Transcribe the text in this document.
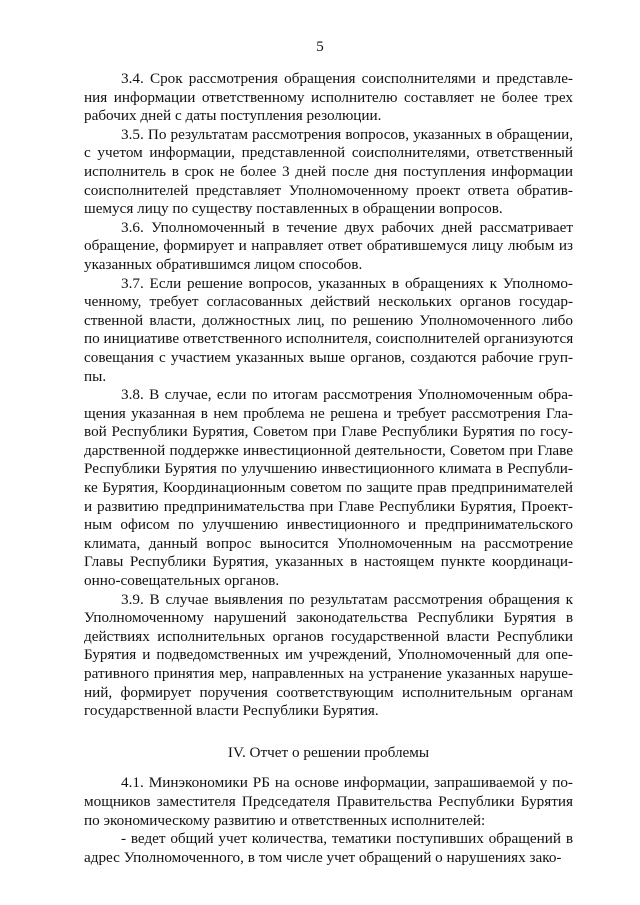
5
3.4. Срок рассмотрения обращения соисполнителями и представле-
ния информации ответственному исполнителю составляет не более трех
рабочих дней с даты поступления резолюции.
3.5. По результатам рассмотрения вопросов, указанных в обращении,
с учетом информации, представленной соисполнителями, ответственный
исполнитель в срок не более 3 дней после дня поступления информации
соисполнителей представляет Уполномоченному проект ответа обратив-
шемуся лицу по существу поставленных в обращении вопросов.
3.6. Уполномоченный в течение двух рабочих дней рассматривает
обращение, формирует и направляет ответ обратившемуся лицу любым из
указанных обратившимся лицом способов.
3.7. Если решение вопросов, указанных в обращениях к Уполномо-
ченному, требует согласованных действий нескольких органов государ-
ственной власти, должностных лиц, по решению Уполномоченного либо
по инициативе ответственного исполнителя, соисполнителей организуются
совещания с участием указанных выше органов, создаются рабочие груп-
пы.
3.8. В случае, если по итогам рассмотрения Уполномоченным обра-
щения указанная в нем проблема не решена и требует рассмотрения Гла-
вой Республики Бурятия, Советом при Главе Республики Бурятия по госу-
дарственной поддержке инвестиционной деятельности, Советом при Главе
Республики Бурятия по улучшению инвестиционного климата в Республи-
ке Бурятия, Координационным советом по защите прав предпринимателей
и развитию предпринимательства при Главе Республики Бурятия, Проект-
ным офисом по улучшению инвестиционного и предпринимательского
климата, данный вопрос выносится Уполномоченным на рассмотрение
Главы Республики Бурятия, указанных в настоящем пункте координаци-
онно-совещательных органов.
3.9. В случае выявления по результатам рассмотрения обращения к
Уполномоченному нарушений законодательства Республики Бурятия в
действиях исполнительных органов государственной власти Республики
Бурятия и подведомственных им учреждений, Уполномоченный для опе-
ративного принятия мер, направленных на устранение указанных наруше-
ний, формирует поручения соответствующим исполнительным органам
государственной власти Республики Бурятия.
IV. Отчет о решении проблемы
4.1. Минэкономики РБ на основе информации, запрашиваемой у по-
мощников заместителя Председателя Правительства Республики Бурятия
по экономическому развитию и ответственных исполнителей:
- ведет общий учет количества, тематики поступивших обращений в
адрес Уполномоченного, в том числе учет обращений о нарушениях зако-
